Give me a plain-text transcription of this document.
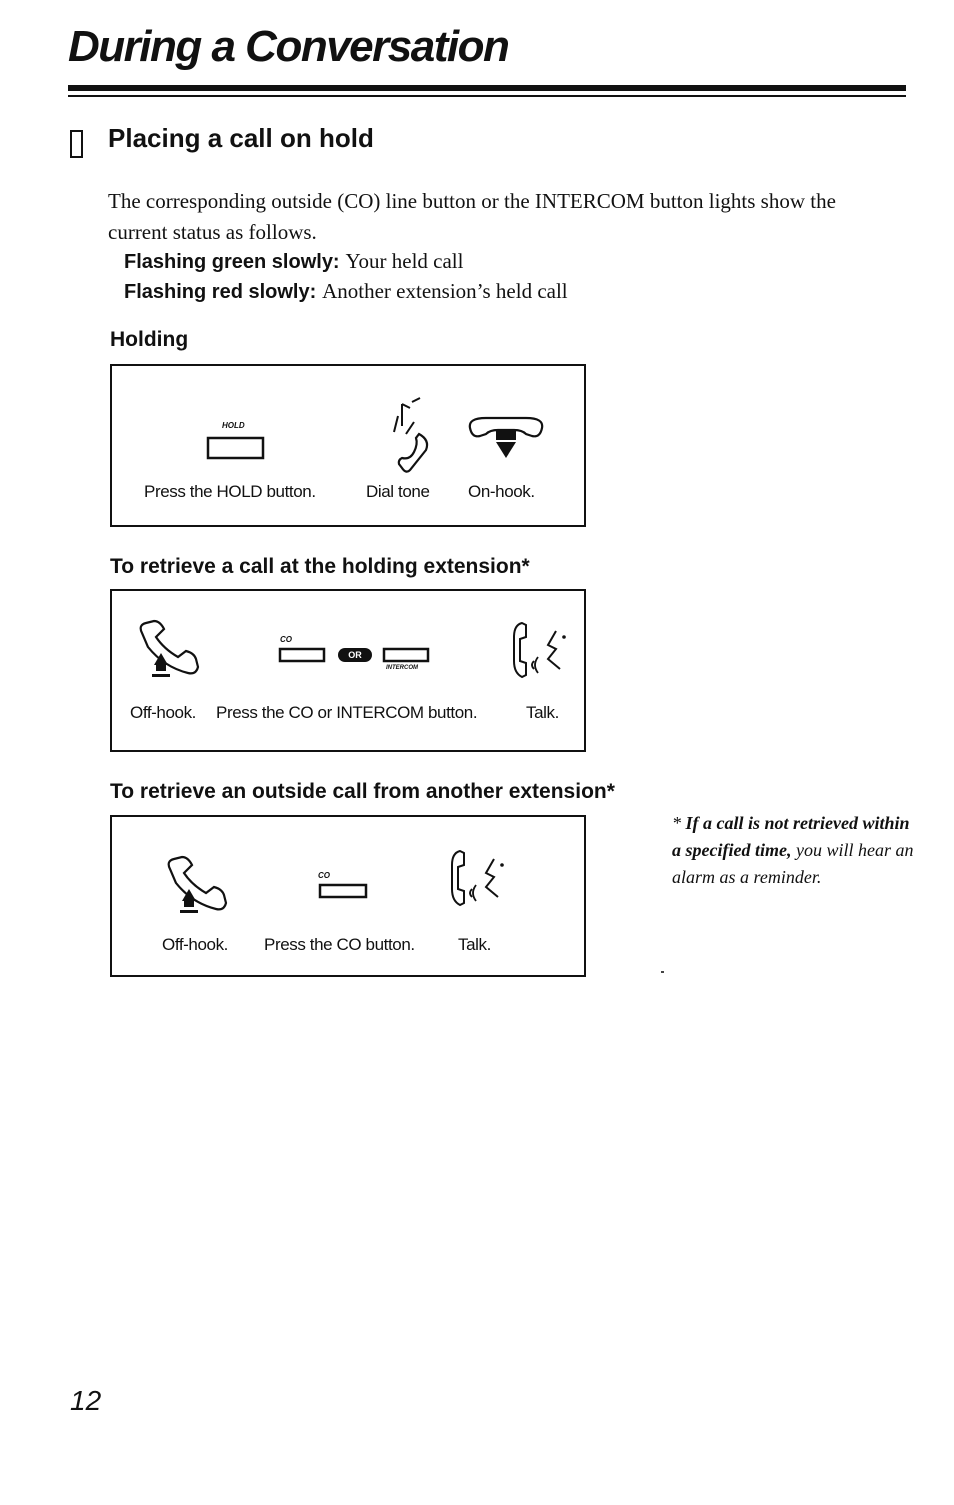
During a Conversation
Placing a call on hold

The corresponding outside (CO) line button or the INTERCOM button lights show the current status as follows.

Flashing green slowly: Your held call
Flashing red slowly: Another extension’s held call
Holding
HOLD
Press the HOLD button.	Dial tone On-hook.
To retrieve a call at the holding extension*
CO
OR
INTERCOM
Off-hook. Press the CO or INTERCOM button.	Talk.
To retrieve an outside call from another extension*
CO
Off-hook. Press the CO button.	Talk.
* If a call is not retrieved within a specified time, you will hear an alarm as a reminder.
12
